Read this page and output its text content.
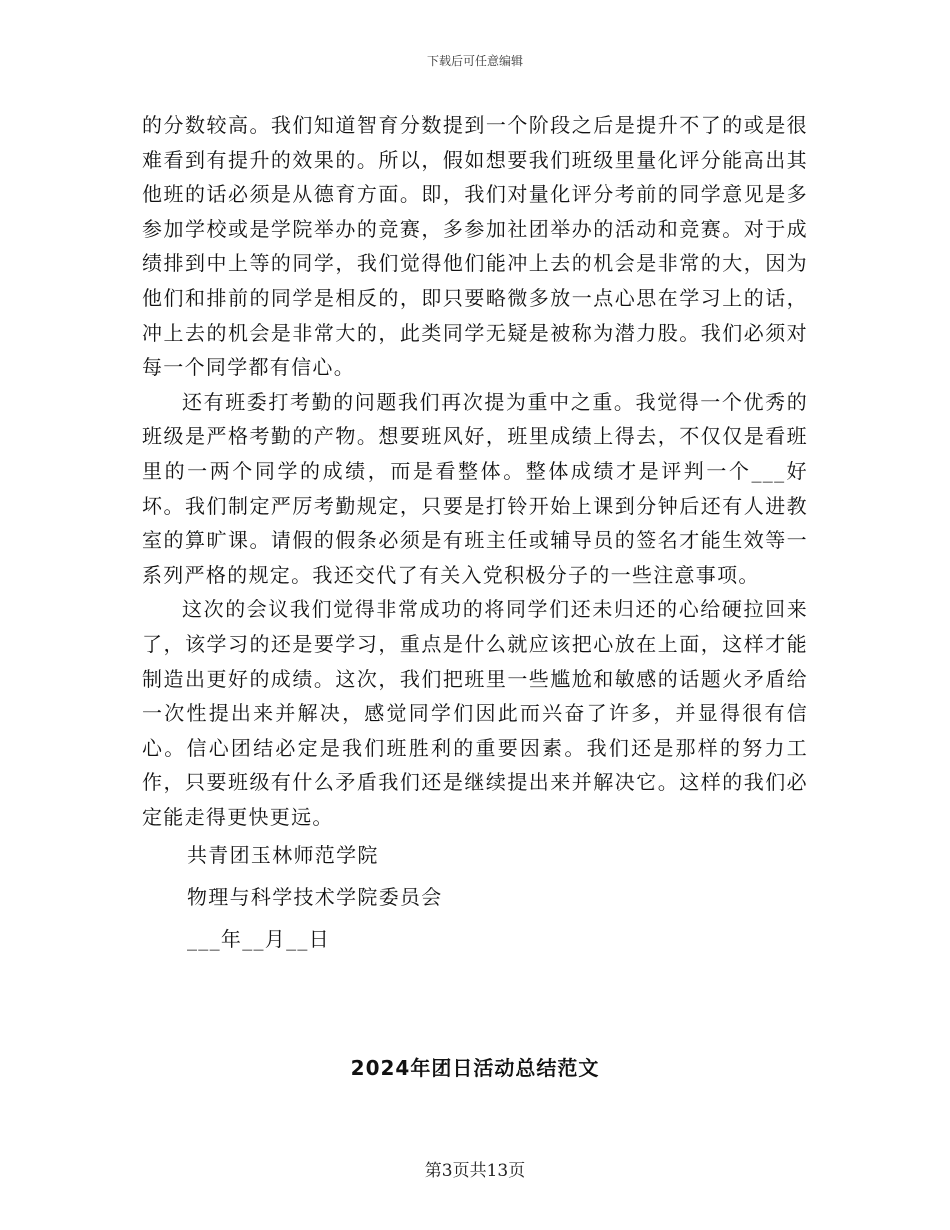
下载后可任意编辑

的分数较高。我们知道智育分数提到一个阶段之后是提升不了的或是很难看到有提升的效果的。所以，假如想要我们班级里量化评分能高出其他班的话必须是从德育方面。即，我们对量化评分考前的同学意见是多参加学校或是学院举办的竞赛，多参加社团举办的活动和竞赛。对于成绩排到中上等的同学，我们觉得他们能冲上去的机会是非常的大，因为他们和排前的同学是相反的，即只要略微多放一点心思在学习上的话，冲上去的机会是非常大的，此类同学无疑是被称为潜力股。我们必须对每一个同学都有信心。

还有班委打考勤的问题我们再次提为重中之重。我觉得一个优秀的班级是严格考勤的产物。想要班风好，班里成绩上得去，不仅仅是看班里的一两个同学的成绩，而是看整体。整体成绩才是评判一个___好坏。我们制定严厉考勤规定，只要是打铃开始上课到分钟后还有人进教室的算旷课。请假的假条必须是有班主任或辅导员的签名才能生效等一系列严格的规定。我还交代了有关入党积极分子的一些注意事项。

这次的会议我们觉得非常成功的将同学们还未归还的心给硬拉回来了，该学习的还是要学习，重点是什么就应该把心放在上面，这样才能制造出更好的成绩。这次，我们把班里一些尴尬和敏感的话题火矛盾给一次性提出来并解决，感觉同学们因此而兴奋了许多，并显得很有信心。信心团结必定是我们班胜利的重要因素。我们还是那样的努力工作，只要班级有什么矛盾我们还是继续提出来并解决它。这样的我们必定能走得更快更远。

共青团玉林师范学院

物理与科学技术学院委员会

___年__月__日

2024年团日活动总结范文
第3页共13页
